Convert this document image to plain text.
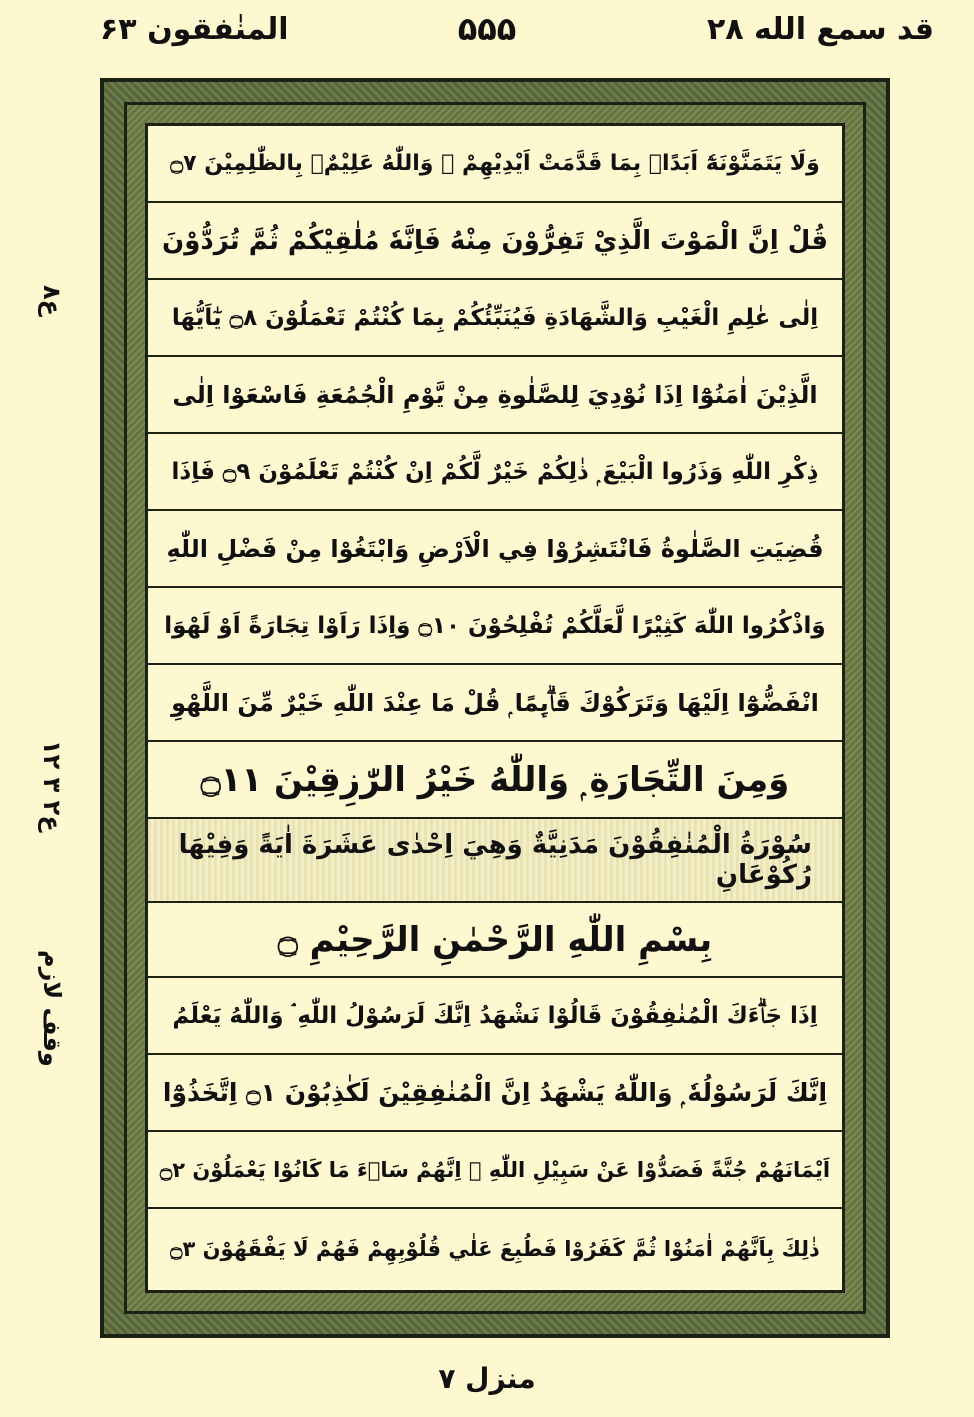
قد سمع الله ۲۸
۵۵۵
المنٰفقون ۶۳
ع۸
ع۲ ۳ ۱۲
وقف لازم
وَلَا يَتَمَنَّوْنَهٗٓ اَبَدًاۢ بِمَا قَدَّمَتْ اَيْدِيْهِمْ ۭ وَاللّٰهُ عَلِيْمٌۢ بِالظّٰلِمِيْنَ ۝۷
قُلْ اِنَّ الْمَوْتَ الَّذِيْ تَفِرُّوْنَ مِنْهُ فَاِنَّهٗ مُلٰقِيْكُمْ ثُمَّ تُرَدُّوْنَ
اِلٰى عٰلِمِ الْغَيْبِ وَالشَّهَادَةِ فَيُنَبِّئُكُمْ بِمَا كُنْتُمْ تَعْمَلُوْنَ ۝۸ يٰٓاَيُّهَا
الَّذِيْنَ اٰمَنُوْٓا اِذَا نُوْدِيَ لِلصَّلٰوةِ مِنْ يَّوْمِ الْجُمُعَةِ فَاسْعَوْا اِلٰى
ذِكْرِ اللّٰهِ وَذَرُوا الْبَيْعَ ۭ ذٰلِكُمْ خَيْرٌ لَّكُمْ اِنْ كُنْتُمْ تَعْلَمُوْنَ ۝۹ فَاِذَا
قُضِيَتِ الصَّلٰوةُ فَانْتَشِرُوْا فِي الْاَرْضِ وَابْتَغُوْا مِنْ فَضْلِ اللّٰهِ
وَاذْكُرُوا اللّٰهَ كَثِيْرًا لَّعَلَّكُمْ تُفْلِحُوْنَ ۝۱۰ وَاِذَا رَاَوْا تِجَارَةً اَوْ لَهْوَا
انْفَضُّوْٓا اِلَيْهَا وَتَرَكُوْكَ قَاۗىِٕمًا ۭ قُلْ مَا عِنْدَ اللّٰهِ خَيْرٌ مِّنَ اللَّهْوِ
وَمِنَ التِّجَارَةِ ۭ وَاللّٰهُ خَيْرُ الرّٰزِقِيْنَ ۝۱۱
سُوْرَةُ الْمُنٰفِقُوْنَ مَدَنِيَّةٌ وَهِيَ اِحْدٰى عَشَرَةَ اٰيَةً وَفِيْهَا رُكُوْعَانِ
بِسْمِ اللّٰهِ الرَّحْمٰنِ الرَّحِيْمِ ۝
اِذَا جَاۗءَكَ الْمُنٰفِقُوْنَ قَالُوْا نَشْهَدُ اِنَّكَ لَرَسُوْلُ اللّٰهِ ۘ وَاللّٰهُ يَعْلَمُ
اِنَّكَ لَرَسُوْلُهٗ ۭ وَاللّٰهُ يَشْهَدُ اِنَّ الْمُنٰفِقِيْنَ لَكٰذِبُوْنَ ۝۱ اِتَّخَذُوْٓا
اَيْمَانَهُمْ جُنَّةً فَصَدُّوْا عَنْ سَبِيْلِ اللّٰهِ ۭ اِنَّهُمْ سَاۗءَ مَا كَانُوْا يَعْمَلُوْنَ ۝۲
ذٰلِكَ بِاَنَّهُمْ اٰمَنُوْا ثُمَّ كَفَرُوْا فَطُبِعَ عَلٰي قُلُوْبِهِمْ فَهُمْ لَا يَفْقَهُوْنَ ۝۳
منزل ۷
